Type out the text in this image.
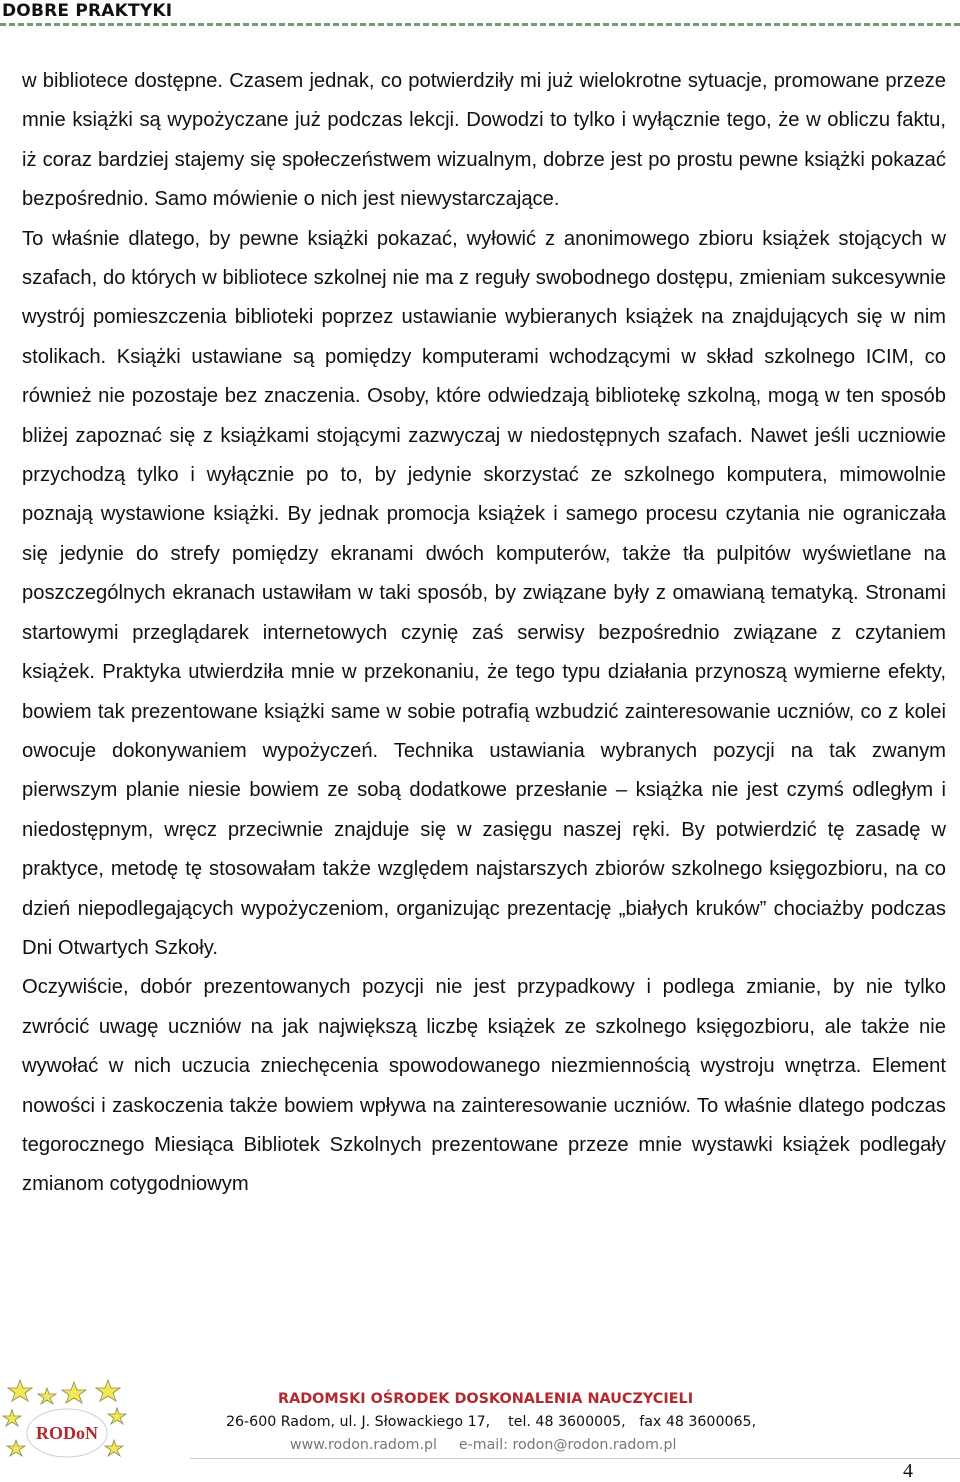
DOBRE PRAKTYKI

w bibliotece dostępne. Czasem jednak, co potwierdziły mi już wielokrotne sytuacje, promowane przeze mnie książki są wypożyczane już podczas lekcji. Dowodzi to tylko i wyłącznie tego, że w obliczu faktu, iż coraz bardziej stajemy się społeczeństwem wizualnym, dobrze jest po prostu pewne książki pokazać bezpośrednio. Samo mówienie o nich jest niewystarczające.

To właśnie dlatego, by pewne książki pokazać, wyłowić z anonimowego zbioru książek stojących w szafach, do których w bibliotece szkolnej nie ma z reguły swobodnego dostępu, zmieniam sukcesywnie wystrój pomieszczenia biblioteki poprzez ustawianie wybieranych książek na znajdujących się w nim stolikach. Książki ustawiane są pomiędzy komputerami wchodzącymi w skład szkolnego ICIM, co również nie pozostaje bez znaczenia. Osoby, które odwiedzają bibliotekę szkolną, mogą w ten sposób bliżej zapoznać się z książkami stojącymi zazwyczaj w niedostępnych szafach. Nawet jeśli uczniowie przychodzą tylko i wyłącznie po to, by jedynie skorzystać ze szkolnego komputera, mimowolnie poznają wystawione książki. By jednak promocja książek i samego procesu czytania nie ograniczała się jedynie do strefy pomiędzy ekranami dwóch komputerów, także tła pulpitów wyświetlane na poszczególnych ekranach ustawiłam w taki sposób, by związane były z omawianą tematyką. Stronami startowymi przeglądarek internetowych czynię zaś serwisy bezpośrednio związane z czytaniem książek. Praktyka utwierdziła mnie w przekonaniu, że tego typu działania przynoszą wymierne efekty, bowiem tak prezentowane książki same w sobie potrafią wzbudzić zainteresowanie uczniów, co z kolei owocuje dokonywaniem wypożyczeń. Technika ustawiania wybranych pozycji na tak zwanym pierwszym planie niesie bowiem ze sobą dodatkowe przesłanie – książka nie jest czymś odległym i niedostępnym, wręcz przeciwnie znajduje się w zasięgu naszej ręki. By potwierdzić tę zasadę w praktyce, metodę tę stosowałam także względem najstarszych zbiorów szkolnego księgozbioru, na co dzień niepodlegających wypożyczeniom, organizując prezentację „białych kruków” chociażby podczas Dni Otwartych Szkoły.

Oczywiście, dobór prezentowanych pozycji nie jest przypadkowy i podlega zmianie, by nie tylko zwrócić uwagę uczniów na jak największą liczbę książek ze szkolnego księgozbioru, ale także nie wywołać w nich uczucia zniechęcenia spowodowanego niezmiennością wystroju wnętrza. Element nowości i zaskoczenia także bowiem wpływa na zainteresowanie uczniów. To właśnie dlatego podczas tegorocznego Miesiąca Bibliotek Szkolnych prezentowane przeze mnie wystawki książek podlegały zmianom cotygodniowym

RODoN
RADOMSKI OŚRODEK DOSKONALENIA NAUCZYCIELI
26-600 Radom, ul. J. Słowackiego 17,    tel. 48 3600005,   fax 48 3600065,
www.rodon.radom.pl e-mail: rodon@rodon.radom.pl
4
